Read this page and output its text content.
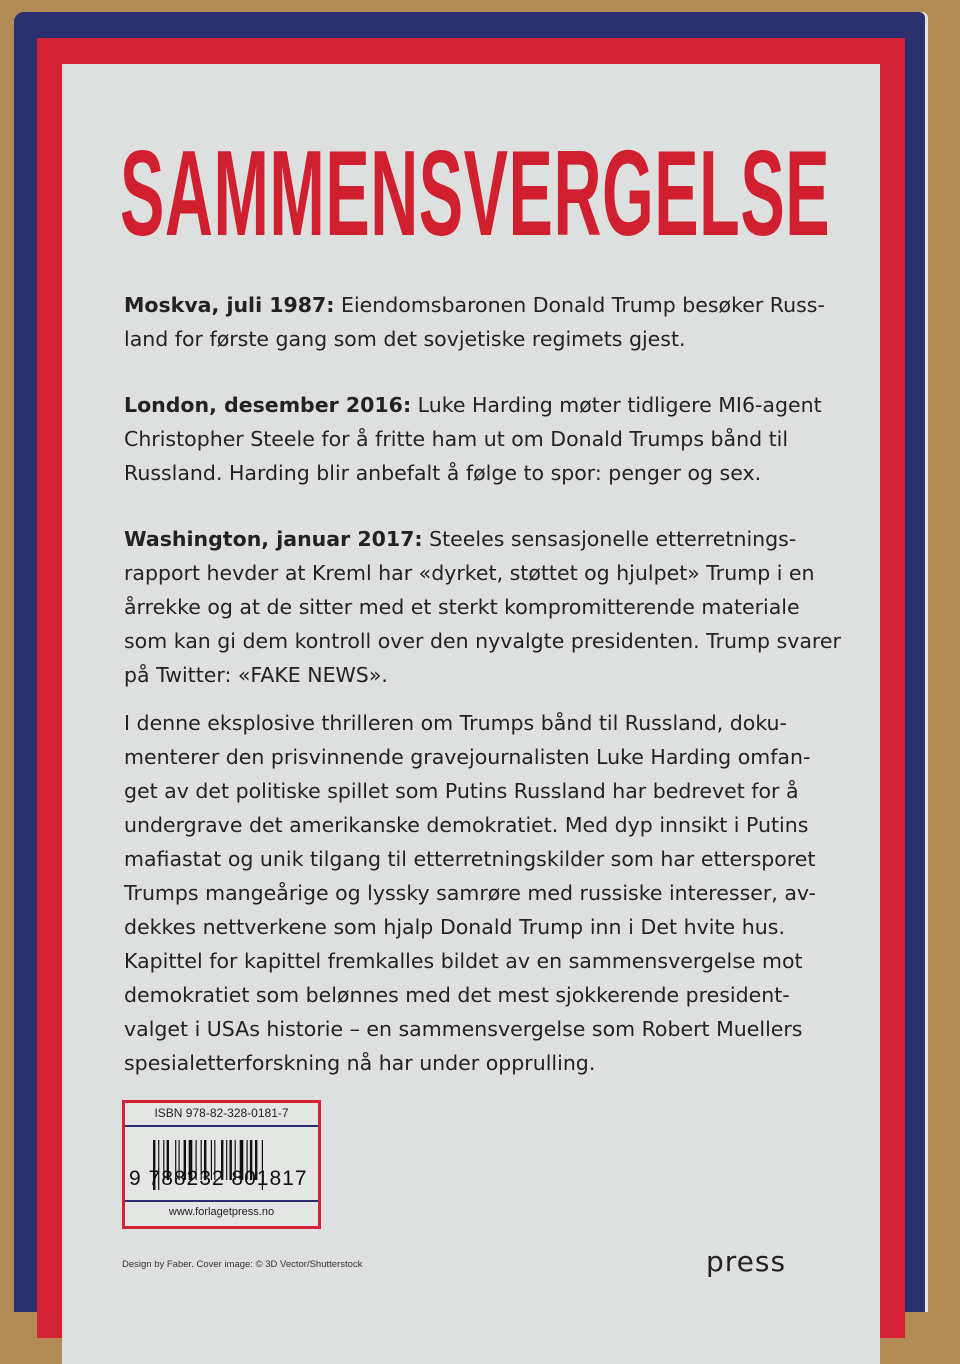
SAMMENSVERGELSE
Moskva, juli 1987: Eiendomsbaronen Donald Trump besøker Russ-
land for første gang som det sovjetiske regimets gjest.
London, desember 2016: Luke Harding møter tidligere MI6-agent
Christopher Steele for å fritte ham ut om Donald Trumps bånd til
Russland. Harding blir anbefalt å følge to spor: penger og sex.
Washington, januar 2017: Steeles sensasjonelle etterretnings-
rapport hevder at Kreml har «dyrket, støttet og hjulpet» Trump i en
årrekke og at de sitter med et sterkt kompromitterende materiale
som kan gi dem kontroll over den nyvalgte presidenten. Trump svarer
på Twitter: «FAKE NEWS».
I denne eksplosive thrilleren om Trumps bånd til Russland, doku-
menterer den prisvinnende gravejournalisten Luke Harding omfan-
get av det politiske spillet som Putins Russland har bedrevet for å
undergrave det amerikanske demokratiet. Med dyp innsikt i Putins
mafiastat og unik tilgang til etterretningskilder som har ettersporet
Trumps mangeårige og lyssky samrøre med russiske interesser, av-
dekkes nettverkene som hjalp Donald Trump inn i Det hvite hus.
Kapittel for kapittel fremkalles bildet av en sammensvergelse mot
demokratiet som belønnes med det mest sjokkerende president-
valget i USAs historie – en sammensvergelse som Robert Muellers
spesialetterforskning nå har under opprulling.
ISBN 978-82-328-0181-7
9 788232 801817
www.forlagetpress.no
Design by Faber. Cover image: © 3D Vector/Shutterstock	press
